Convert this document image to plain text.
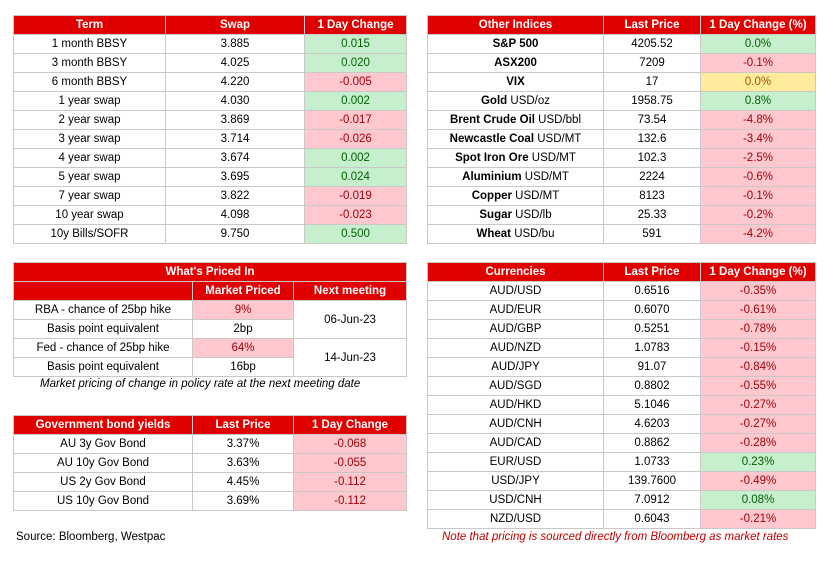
Term	Swap	1 Day Change
1 month BBSY	3.885	0.015
3 month BBSY	4.025	0.020
6 month BBSY	4.220	-0.005
1 year swap	4.030	0.002
2 year swap	3.869	-0.017
3 year swap	3.714	-0.026
4 year swap	3.674	0.002
5 year swap	3.695	0.024
7 year swap	3.822	-0.019
10 year swap	4.098	-0.023
10y Bills/SOFR	9.750	0.500
Other Indices	Last Price	1 Day Change (%)
S&P 500	4205.52	0.0%
ASX200	7209	-0.1%
VIX	17	0.0%
Gold USD/oz	1958.75	0.8%
Brent Crude Oil USD/bbl	73.54	-4.8%
Newcastle Coal USD/MT	132.6	-3.4%
Spot Iron Ore USD/MT	102.3	-2.5%
Aluminium USD/MT	2224	-0.6%
Copper USD/MT	8123	-0.1%
Sugar USD/lb	25.33	-0.2%
Wheat USD/bu	591	-4.2%
What's Priced In		
	Market Priced	Next meeting
RBA - chance of 25bp hike	9%	06-Jun-23
Basis point equivalent	2bp	
Fed - chance of 25bp hike	64%	14-Jun-23
Basis point equivalent	16bp	
Market pricing of change in policy rate at the next meeting date
Government bond yields	Last Price	1 Day Change
AU 3y Gov Bond	3.37%	-0.068
AU 10y Gov Bond	3.63%	-0.055
US 2y Gov Bond	4.45%	-0.112
US 10y Gov Bond	3.69%	-0.112
Currencies	Last Price	1 Day Change (%)
AUD/USD	0.6516	-0.35%
AUD/EUR	0.6070	-0.61%
AUD/GBP	0.5251	-0.78%
AUD/NZD	1.0783	-0.15%
AUD/JPY	91.07	-0.84%
AUD/SGD	0.8802	-0.55%
AUD/HKD	5.1046	-0.27%
AUD/CNH	4.6203	-0.27%
AUD/CAD	0.8862	-0.28%
EUR/USD	1.0733	0.23%
USD/JPY	139.7600	-0.49%
USD/CNH	7.0912	0.08%
NZD/USD	0.6043	-0.21%
Source: Bloomberg, Westpac	Note that pricing is sourced directly from Bloomberg as market rates
